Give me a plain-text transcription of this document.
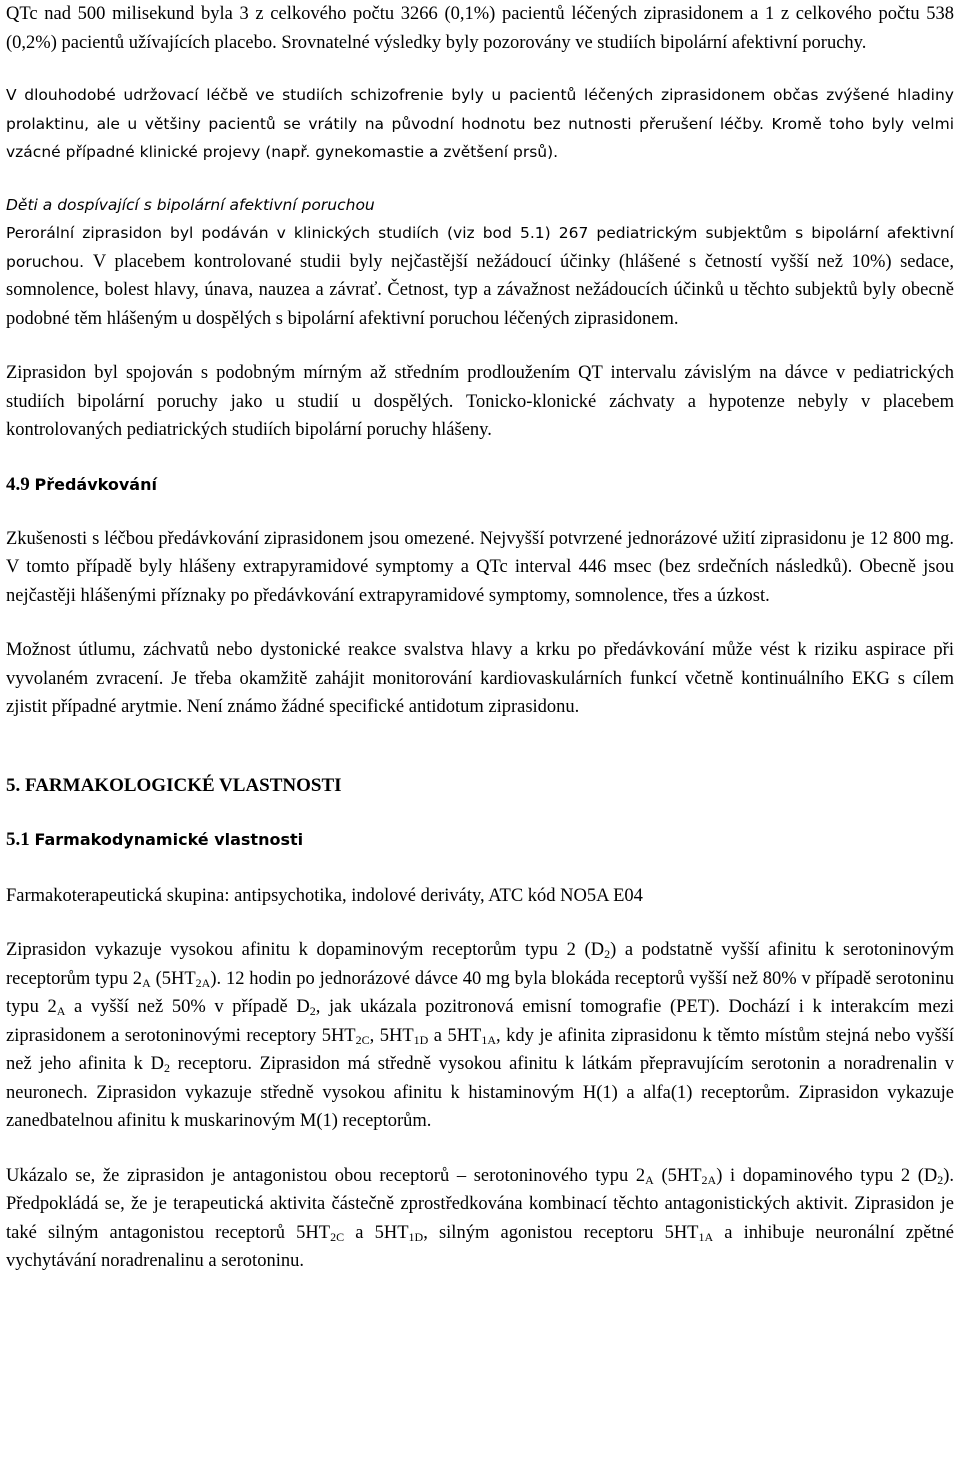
QTc nad 500 milisekund byla 3 z celkového počtu 3266 (0,1%) pacientů léčených ziprasidonem a 1 z celkového počtu 538 (0,2%) pacientů užívajících placebo. Srovnatelné výsledky byly pozorovány ve studiích bipolární afektivní poruchy.

V dlouhodobé udržovací léčbě ve studiích schizofrenie byly u pacientů léčených ziprasidonem občas zvýšené hladiny prolaktinu, ale u většiny pacientů se vrátily na původní hodnotu bez nutnosti přerušení léčby. Kromě toho byly velmi vzácné případné klinické projevy (např. gynekomastie a zvětšení prsů).

Děti a dospívající s bipolární afektivní poruchou

Perorální ziprasidon byl podáván v klinických studiích (viz bod 5.1) 267 pediatrickým subjektům s bipolární afektivní poruchou. V placebem kontrolované studii byly nejčastější nežádoucí účinky (hlášené s četností vyšší než 10%) sedace, somnolence, bolest hlavy, únava, nauzea a závrať. Četnost, typ a závažnost nežádoucích účinků u těchto subjektů byly obecně podobné těm hlášeným u dospělých s bipolární afektivní poruchou léčených ziprasidonem.

Ziprasidon byl spojován s podobným mírným až středním prodloužením QT intervalu závislým na dávce v pediatrických studiích bipolární poruchy jako u studií u dospělých. Tonicko-klonické záchvaty a hypotenze nebyly v placebem kontrolovaných pediatrických studiích bipolární poruchy hlášeny.

4.9 Předávkování

Zkušenosti s léčbou předávkování ziprasidonem jsou omezené. Nejvyšší potvrzené jednorázové užití ziprasidonu je 12 800 mg. V tomto případě byly hlášeny extrapyramidové symptomy a QTc interval 446 msec (bez srdečních následků). Obecně jsou nejčastěji hlášenými příznaky po předávkování extrapyramidové symptomy, somnolence, třes a úzkost.

Možnost útlumu, záchvatů nebo dystonické reakce svalstva hlavy a krku po předávkování může vést k riziku aspirace při vyvolaném zvracení. Je třeba okamžitě zahájit monitorování kardiovaskulárních funkcí včetně kontinuálního EKG s cílem zjistit případné arytmie. Není známo žádné specifické antidotum ziprasidonu.

5. FARMAKOLOGICKÉ VLASTNOSTI

5.1 Farmakodynamické vlastnosti

Farmakoterapeutická skupina: antipsychotika, indolové deriváty, ATC kód NO5A E04

Ziprasidon vykazuje vysokou afinitu k dopaminovým receptorům typu 2 $(D_2)$ a podstatně vyšší afinitu k serotoninovým receptorům typu $2_A$ $(5HT_{2A})$. 12 hodin po jednorázové dávce 40 mg byla blokáda receptorů vyšší než 80% v případě serotoninu typu $2_A$ a vyšší než 50% v případě $D_2$, jak ukázala pozitronová emisní tomografie (PET). Dochází i k interakcím mezi ziprasidonem a serotoninovými receptory $5HT_{2C}$, $5HT_{1D}$ a $5HT_{1A}$, kdy je afinita ziprasidonu k těmto místům stejná nebo vyšší než jeho afinita k $D_2$ receptoru. Ziprasidon má středně vysokou afinitu k látkám přepravujícím serotonin a noradrenalin v neuronech. Ziprasidon vykazuje středně vysokou afinitu k histaminovým H(1) a alfa(1) receptorům. Ziprasidon vykazuje zanedbatelnou afinitu k muskarinovým M(1) receptorům.

Ukázalo se, že ziprasidon je antagonistou obou receptorů – serotoninového typu $2_A$ $(5HT_{2A})$ i dopaminového typu 2 $(D_2)$. Předpokládá se, že je terapeutická aktivita částečně zprostředkována kombinací těchto antagonistických aktivit. Ziprasidon je také silným antagonistou receptorů $5HT_{2C}$ a $5HT_{1D}$, silným agonistou receptoru $5HT_{1A}$ a inhibuje neuronální zpětné vychytávání noradrenalinu a serotoninu.
